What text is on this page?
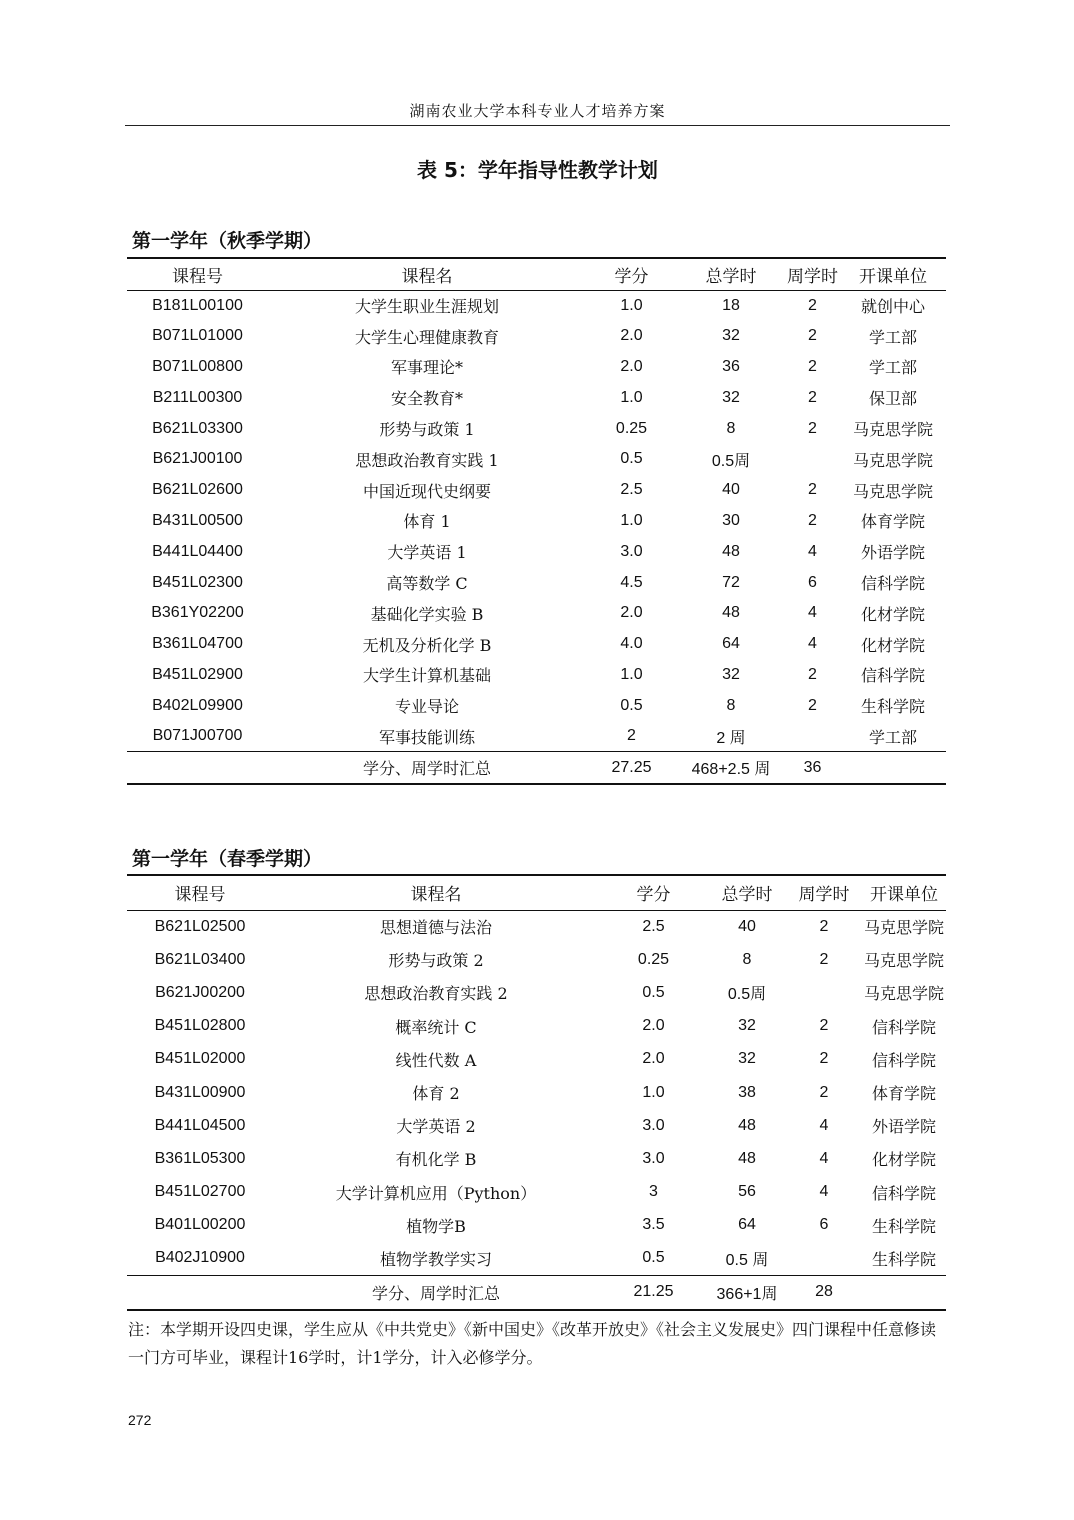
湖南农业大学本科专业人才培养方案
表 5：学年指导性教学计划
第一学年（秋季学期）
课程号	课程名	学分	总学时	周学时	开课单位
B181L00100	大学生职业生涯规划	1.0	18	2	就创中心
B071L01000	大学生心理健康教育	2.0	32	2	学工部
B071L00800	军事理论*	2.0	36	2	学工部
B211L00300	安全教育*	1.0	32	2	保卫部
B621L03300	形势与政策 1	0.25	8	2	马克思学院
B621J00100	思想政治教育实践 1	0.5	0.5周		马克思学院
B621L02600	中国近现代史纲要	2.5	40	2	马克思学院
B431L00500	体育 1	1.0	30	2	体育学院
B441L04400	大学英语 1	3.0	48	4	外语学院
B451L02300	高等数学 C	4.5	72	6	信科学院
B361Y02200	基础化学实验 B	2.0	48	4	化材学院
B361L04700	无机及分析化学 B	4.0	64	4	化材学院
B451L02900	大学生计算机基础	1.0	32	2	信科学院
B402L09900	专业导论	0.5	8	2	生科学院
B071J00700	军事技能训练	2	2 周		学工部
	学分、周学时汇总	27.25	468+2.5 周	36	
第一学年（春季学期）
课程号	课程名	学分	总学时	周学时	开课单位
B621L02500	思想道德与法治	2.5	40	2	马克思学院
B621L03400	形势与政策 2	0.25	8	2	马克思学院
B621J00200	思想政治教育实践 2	0.5	0.5周		马克思学院
B451L02800	概率统计 C	2.0	32	2	信科学院
B451L02000	线性代数 A	2.0	32	2	信科学院
B431L00900	体育 2	1.0	38	2	体育学院
B441L04500	大学英语 2	3.0	48	4	外语学院
B361L05300	有机化学 B	3.0	48	4	化材学院
B451L02700	大学计算机应用（Python）	3	56	4	信科学院
B401L00200	植物学B	3.5	64	6	生科学院
B402J10900	植物学教学实习	0.5	0.5 周		生科学院
	学分、周学时汇总	21.25	366+1周	28	
注：本学期开设四史课，学生应从《中共党史》《新中国史》《改革开放史》《社会主义发展史》四门课程中任意修读一门方可毕业，课程计16学时，计1学分，计入必修学分。
272
